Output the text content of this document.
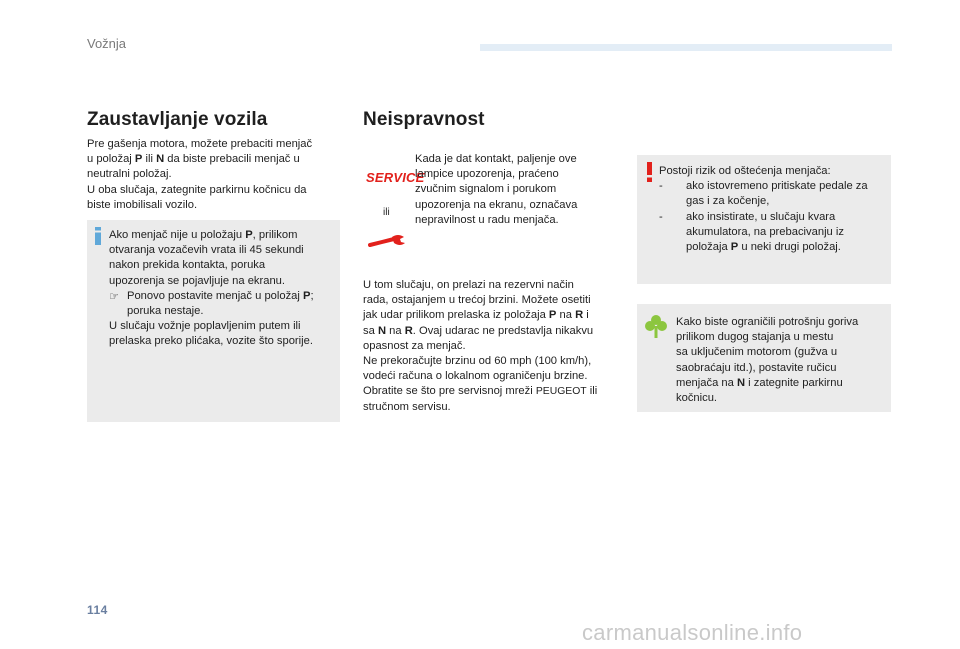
Vožnja
Zaustavljanje vozila

Pre gašenja motora, možete prebaciti menjač

u položaj P ili N da biste prebacili menjač u

neutralni položaj.

U oba slučaja, zategnite parkirnu kočnicu da

biste imobilisali vozilo.

Ako menjač nije u položaju P, prilikom

otvaranja vozačevih vrata ili 45 sekundi

nakon prekida kontakta, poruka

upozorenja se pojavljuje na ekranu.

☞ Ponovo postavite menjač u položaj P;

poruka nestaje.

U slučaju vožnje poplavljenim putem ili

prelaska preko plićaka, vozite što sporije.

Neispravnost
SERVICE
ili

Kada je dat kontakt, paljenje ove

lampice upozorenja, praćeno

zvučnim signalom i porukom

upozorenja na ekranu, označava

nepravilnost u radu menjača.

U tom slučaju, on prelazi na rezervni način

rada, ostajanjem u trećoj brzini. Možete osetiti

jak udar prilikom prelaska iz položaja P na R i

sa N na R. Ovaj udarac ne predstavlja nikakvu

opasnost za menjač.

Ne prekoračujte brzinu od 60 mph (100 km/h),

vodeći računa o lokalnom ograničenju brzine.

Obratite se što pre servisnoj mreži PEUGEOT ili

stručnom servisu.

Postoji rizik od oštećenja menjača:

-	ako istovremeno pritiskate pedale za

gas i za kočenje,

-	ako insistirate, u slučaju kvara

akumulatora, na prebacivanju iz

položaja P u neki drugi položaj.

Kako biste ograničili potrošnju goriva

prilikom dugog stajanja u mestu

sa uključenim motorom (gužva u

saobraćaju itd.), postavite ručicu

menjača na N i zategnite parkirnu

kočnicu.

114
carmanualsonline.info
